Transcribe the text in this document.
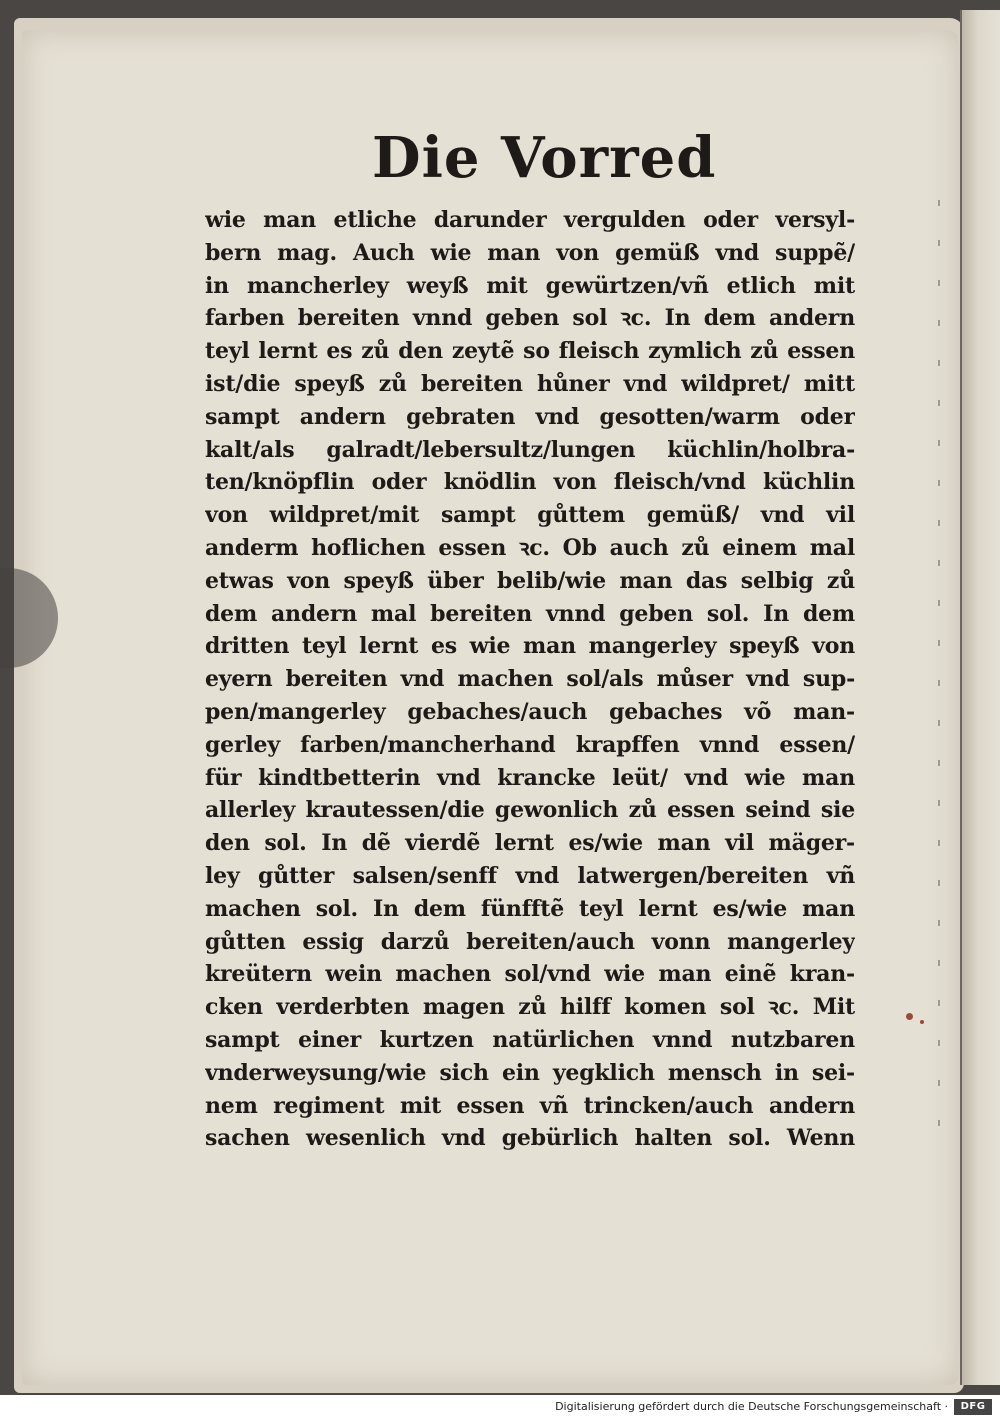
Die Vorred
wie man etliche darunder vergulden oder versyl-
bern mag. Auch wie man von gemüß vnd suppẽ/
in mancherley weyß mit gewürtzen/vñ etlich mit
farben bereiten vnnd geben sol ꝛc. In dem andern
teyl lernt es zů den zeytẽ so fleisch zymlich zů essen
ist/die speyß zů bereiten hůner vnd wildpret/ mitt
sampt andern gebraten vnd gesotten/warm oder
kalt/als galradt/lebersultz/lungen küchlin/holbra-
ten/knöpflin oder knödlin von fleisch/vnd küchlin
von wildpret/mit sampt gůttem gemüß/ vnd vil
anderm hoflichen essen ꝛc. Ob auch zů einem mal
etwas von speyß über belib/wie man das selbig zů
dem andern mal bereiten vnnd geben sol. In dem
dritten teyl lernt es wie man mangerley speyß von
eyern bereiten vnd machen sol/als můser vnd sup-
pen/mangerley gebaches/auch gebaches võ man-
gerley farben/mancherhand krapffen vnnd essen/
für kindtbetterin vnd krancke leüt/ vnd wie man
allerley krautessen/die gewonlich zů essen seind sie
den sol. In dẽ vierdẽ lernt es/wie man vil mäger-
ley gůtter salsen/senff vnd latwergen/bereiten vñ
machen sol. In dem fünfftẽ teyl lernt es/wie man
gůtten essig darzů bereiten/auch vonn mangerley
kreütern wein machen sol/vnd wie man einẽ kran-
cken verderbten magen zů hilff komen sol ꝛc. Mit
sampt einer kurtzen natürlichen vnnd nutzbaren
vnderweysung/wie sich ein yegklich mensch in sei-
nem regiment mit essen vñ trincken/auch andern
sachen wesenlich vnd gebürlich halten sol. Wenn
Digitalisierung gefördert durch die Deutsche Forschungsgemeinschaft ·	DFG
